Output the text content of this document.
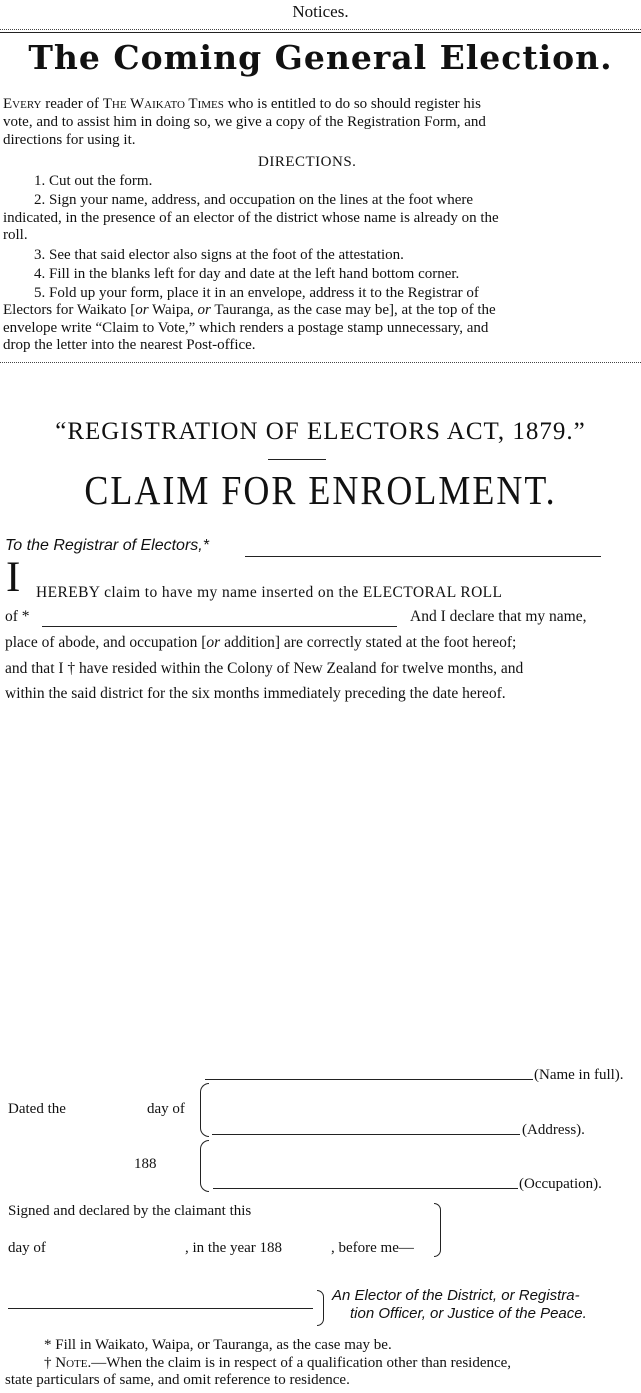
Notices.
The Coming General Election.
Every reader of The Waikato Times who is entitled to do so should register his
vote, and to assist him in doing so, we give a copy of the Registration Form, and
directions for using it.
DIRECTIONS.
1. Cut out the form.
2. Sign your name, address, and occupation on the lines at the foot where
indicated, in the presence of an elector of the district whose name is already on the
roll.
3. See that said elector also signs at the foot of the attestation.
4. Fill in the blanks left for day and date at the left hand bottom corner.
5. Fold up your form, place it in an envelope, address it to the Registrar of
Electors for Waikato [or Waipa, or Tauranga, as the case may be], at the top of the
envelope write “Claim to Vote,” which renders a postage stamp unnecessary, and
drop the letter into the nearest Post-office.
“REGISTRATION OF ELECTORS ACT, 1879.”
CLAIM FOR ENROLMENT.
To the Registrar of Electors,*
I HEREBY claim to have my name inserted on the ELECTORAL ROLL
of *	And I declare that my name,
place of abode, and occupation [or addition] are correctly stated at the foot hereof;
and that I † have resided within the Colony of New Zealand for twelve months, and
within the said district for the six months immediately preceding the date hereof.
(Name in full).
Dated the	day of
(Address).
188
(Occupation).
Signed and declared by the claimant this
day of	, in the year 188	, before me—
An Elector of the District, or Registra-
tion Officer, or Justice of the Peace.
* Fill in Waikato, Waipa, or Tauranga, as the case may be.
† Note.—When the claim is in respect of a qualification other than residence,
state particulars of same, and omit reference to residence.
